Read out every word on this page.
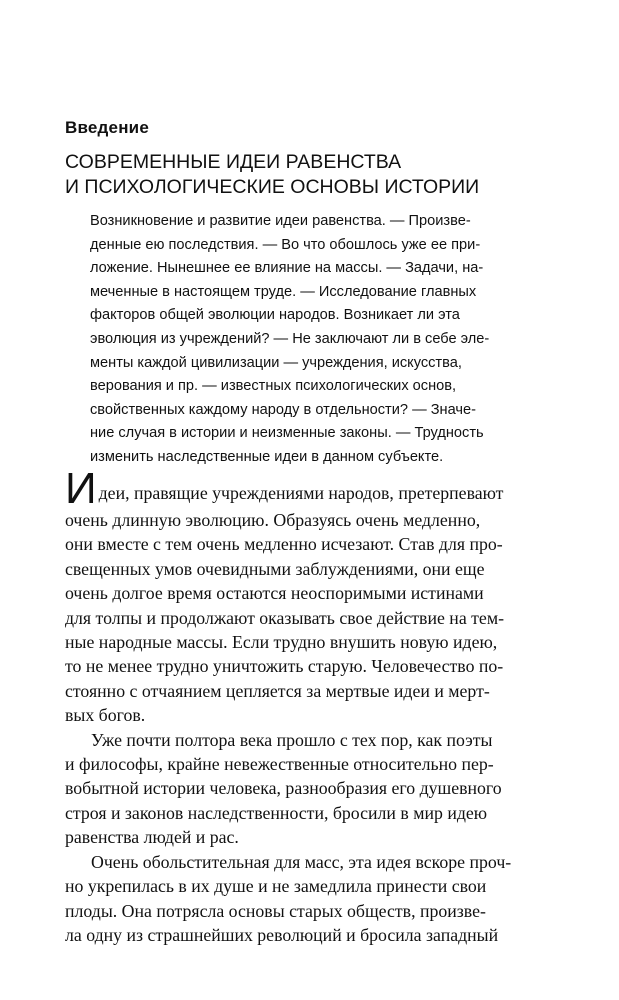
Введение
СОВРЕМЕННЫЕ ИДЕИ РАВЕНСТВА
И ПСИХОЛОГИЧЕСКИЕ ОСНОВЫ ИСТОРИИ
Возникновение и развитие идеи равенства. — Произве-
денные ею последствия. — Во что обошлось уже ее при-
ложение. Нынешнее ее влияние на массы. — Задачи, на-
меченные в настоящем труде. — Исследование главных
факторов общей эволюции народов. Возникает ли эта
эволюция из учреждений? — Не заключают ли в себе эле-
менты каждой цивилизации — учреждения, искусства,
верования и пр. — известных психологических основ,
свойственных каждому народу в отдельности? — Значе-
ние случая в истории и неизменные законы. — Трудность
изменить наследственные идеи в данном субъекте.

Идеи, правящие учреждениями народов, претерпевают
очень длинную эволюцию. Образуясь очень медленно,
они вместе с тем очень медленно исчезают. Став для про-
свещенных умов очевидными заблуждениями, они еще
очень долгое время остаются неоспоримыми истинами
для толпы и продолжают оказывать свое действие на тем-
ные народные массы. Если трудно внушить новую идею,
то не менее трудно уничтожить старую. Человечество по-
стоянно с отчаянием цепляется за мертвые идеи и мерт-
вых богов.

Уже почти полтора века прошло с тех пор, как поэты
и философы, крайне невежественные относительно пер-
вобытной истории человека, разнообразия его душевного
строя и законов наследственности, бросили в мир идею
равенства людей и рас.

Очень обольстительная для масс, эта идея вскоре проч-
но укрепилась в их душе и не замедлила принести свои
плоды. Она потрясла основы старых обществ, произве-
ла одну из страшнейших революций и бросила западный
